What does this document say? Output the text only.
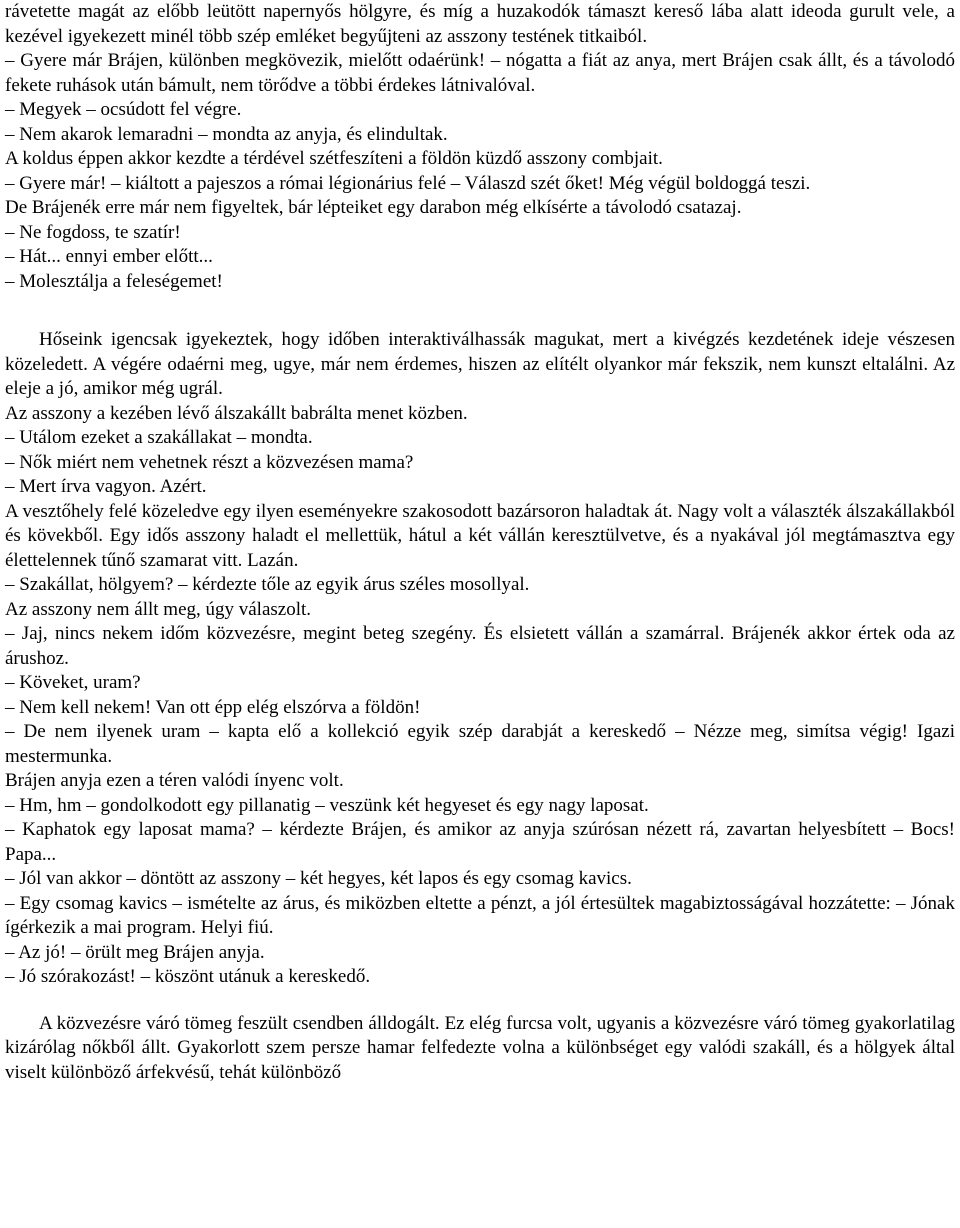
rávetette magát az előbb leütött napernyős hölgyre, és míg a huzakodók támaszt kereső lába alatt ideoda gurult vele, a kezével igyekezett minél több szép emléket begyűjteni az asszony testének titkaiból.

– Gyere már Brájen, különben megkövezik, mielőtt odaérünk! – nógatta a fiát az anya, mert Brájen csak állt, és a távolodó fekete ruhások után bámult, nem törődve a többi érdekes látnivalóval.

– Megyek – ocsúdott fel végre.

– Nem akarok lemaradni – mondta az anyja, és elindultak.

A koldus éppen akkor kezdte a térdével szétfeszíteni a földön küzdő asszony combjait.

– Gyere már! – kiáltott a pajeszos a római légionárius felé – Válaszd szét őket! Még végül boldoggá teszi.

De Brájenék erre már nem figyeltek, bár lépteiket egy darabon még elkísérte a távolodó csatazaj.

– Ne fogdoss, te szatír!

– Hát... ennyi ember előtt...

– Molesztálja a feleségemet!

Hőseink igencsak igyekeztek, hogy időben interaktiválhassák magukat, mert a kivégzés kezdetének ideje vészesen közeledett. A végére odaérni meg, ugye, már nem érdemes, hiszen az elítélt olyankor már fekszik, nem kunszt eltalálni. Az eleje a jó, amikor még ugrál.

Az asszony a kezében lévő álszakállt babrálta menet közben.

– Utálom ezeket a szakállakat – mondta.

– Nők miért nem vehetnek részt a közvezésen mama?

– Mert írva vagyon. Azért.

A vesztőhely felé közeledve egy ilyen eseményekre szakosodott bazársoron haladtak át. Nagy volt a választék álszakállakból és kövekből. Egy idős asszony haladt el mellettük, hátul a két vállán keresztülvetve, és a nyakával jól megtámasztva egy élettelennek tűnő szamarat vitt. Lazán.

– Szakállat, hölgyem? – kérdezte tőle az egyik árus széles mosollyal.

Az asszony nem állt meg, úgy válaszolt.

– Jaj, nincs nekem időm közvezésre, megint beteg szegény. És elsietett vállán a szamárral. Brájenék akkor értek oda az árushoz.

– Köveket, uram?

– Nem kell nekem! Van ott épp elég elszórva a földön!

– De nem ilyenek uram – kapta elő a kollekció egyik szép darabját a kereskedő – Nézze meg, simítsa végig! Igazi mestermunka.

Brájen anyja ezen a téren valódi ínyenc volt.

– Hm, hm – gondolkodott egy pillanatig – veszünk két hegyeset és egy nagy laposat.

– Kaphatok egy laposat mama? – kérdezte Brájen, és amikor az anyja szúrósan nézett rá, zavartan helyesbített – Bocs! Papa...

– Jól van akkor – döntött az asszony – két hegyes, két lapos és egy csomag kavics.

– Egy csomag kavics – ismételte az árus, és miközben eltette a pénzt, a jól értesültek magabiztosságával hozzátette: – Jónak ígérkezik a mai program. Helyi fiú.

– Az jó! – örült meg Brájen anyja.

– Jó szórakozást! – köszönt utánuk a kereskedő.

A közvezésre váró tömeg feszült csendben álldogált. Ez elég furcsa volt, ugyanis a közvezésre váró tömeg gyakorlatilag kizárólag nőkből állt. Gyakorlott szem persze hamar felfedezte volna a különbséget egy valódi szakáll, és a hölgyek által viselt különböző árfekvésű, tehát különböző
